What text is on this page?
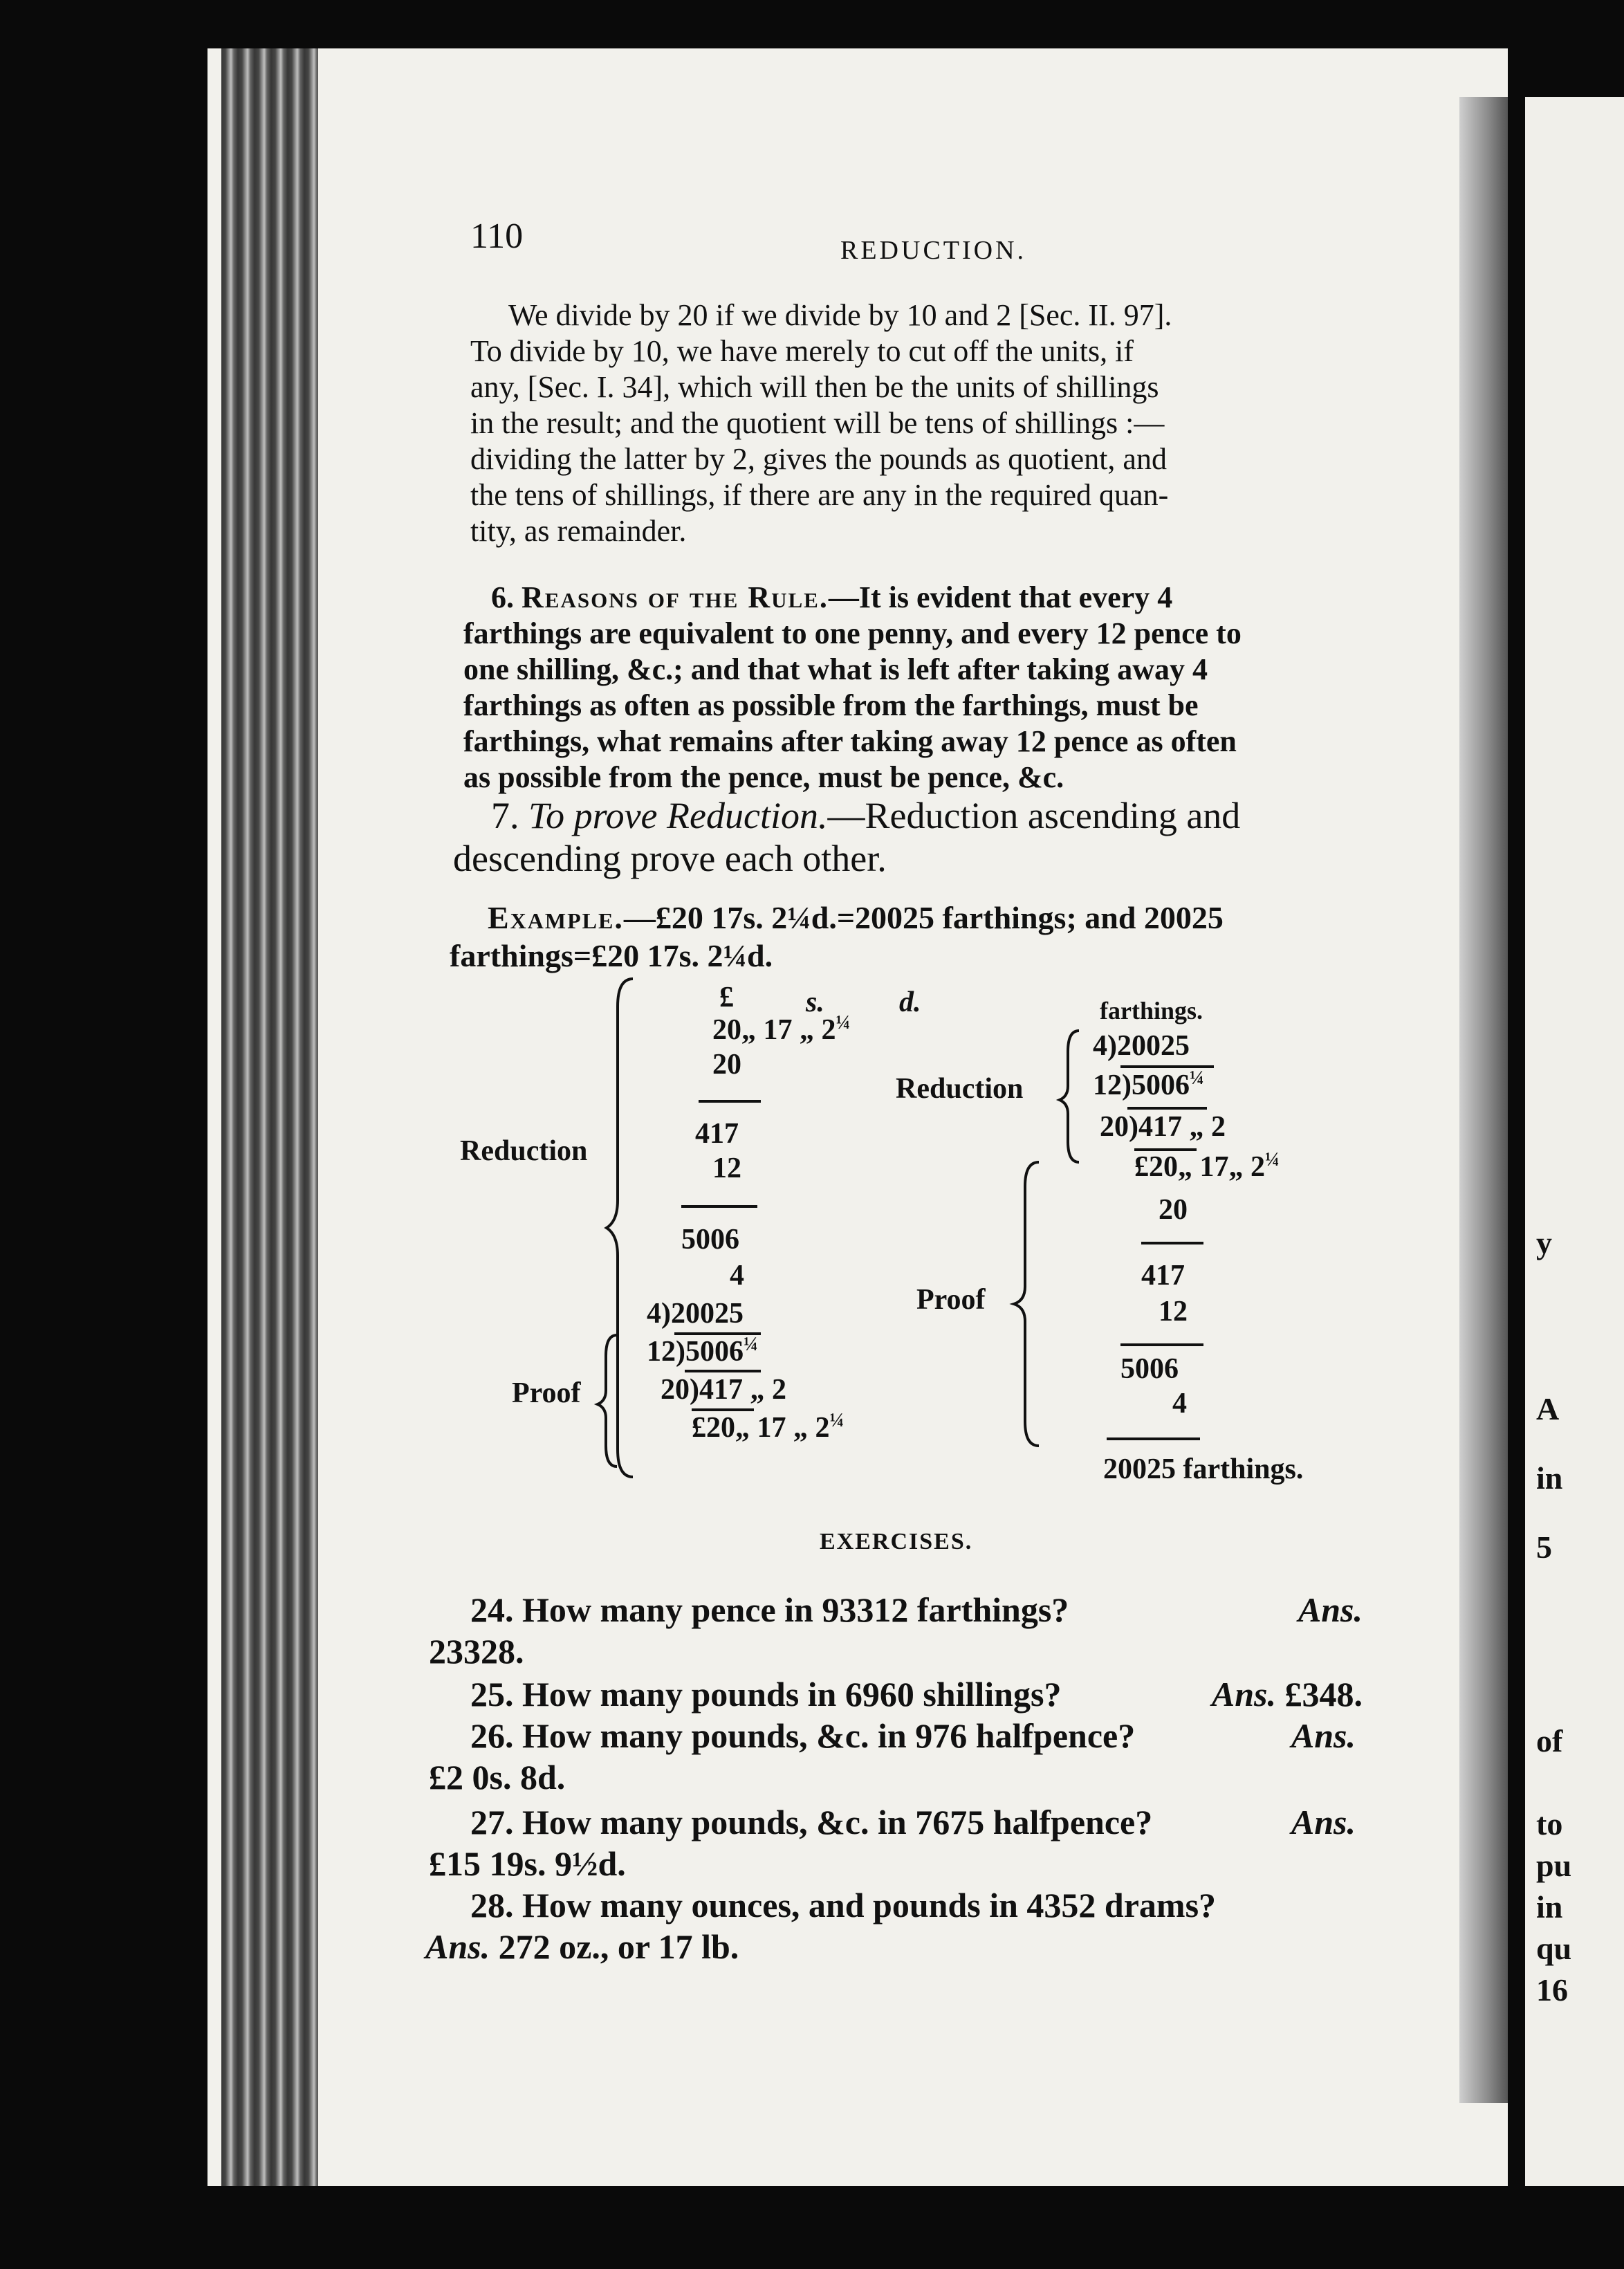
y
A
in
5
of
to
pu
in
qu
16
110	REDUCTION.
We divide by 20 if we divide by 10 and 2 [Sec. II. 97].
To divide by 10, we have merely to cut off the units, if
any, [Sec. I. 34], which will then be the units of shillings
in the result; and the quotient will be tens of shillings :—
dividing the latter by 2, gives the pounds as quotient, and
the tens of shillings, if there are any in the required quan-
tity, as remainder.
6. Reasons of the Rule.—It is evident that every 4
farthings are equivalent to one penny, and every 12 pence to
one shilling, &c.; and that what is left after taking away 4
farthings as often as possible from the farthings, must be
farthings, what remains after taking away 12 pence as often
as possible from the pence, must be pence, &c.
7. To prove Reduction.—Reduction ascending and
descending prove each other.
Example.—£20 17s. 2¼d.=20025 farthings; and 20025
farthings=£20 17s. 2¼d.
Reduction
Proof
£ s.	d.
20„ 17 „ $2^{\frac{1}{4}}$
20
417
12
5006
4
4)20025
$12)5006^{\frac{1}{4}}$
20)417 „ 2
£20„ 17 „ $2^{\frac{1}{4}}$
farthings.
4)20025
Reduction $12)5006^{\frac{1}{4}}$
20)417 „ 2
£20„ 17„ $2^{\frac{1}{4}}$
Proof
20
417
12
5006
4
20025 farthings.
EXERCISES.
24. How many pence in 93312 farthings?	Ans.
23328.
25. How many pounds in 6960 shillings?	Ans. £348.
26. How many pounds, &c. in 976 halfpence?	Ans.
£2 0s. 8d.
27. How many pounds, &c. in 7675 halfpence?	Ans.
£15 19s. 9½d.
28. How many ounces, and pounds in 4352 drams?
Ans. 272 oz., or 17 lb.
